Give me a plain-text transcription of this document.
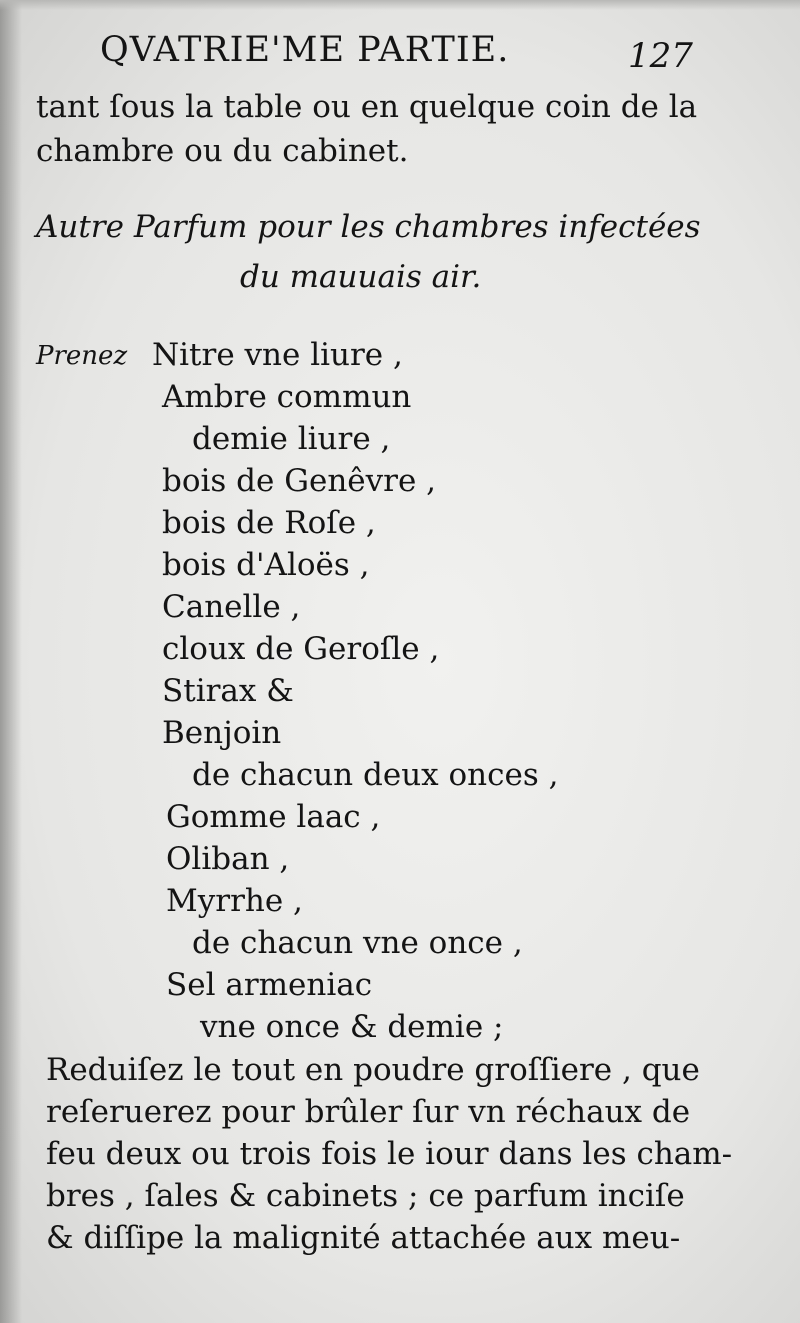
QVATRIE'ME PARTIE.	127
tant ſous la table ou en quelque coin de la
chambre ou du cabinet.
Autre Parfum pour les chambres infectées
du mauuais air.
Prenez Nitre vne liure ,
Ambre commun
demie liure ,
bois de Genêvre ,
bois de Roſe ,
bois d'Aloës ,
Canelle ,
cloux de Geroſle ,
Stirax &
Benjoin
de chacun deux onces ,
Gomme laac ,
Oliban ,
Myrrhe ,
de chacun vne once ,
Sel armeniac
vne once & demie ;
Reduiſez le tout en poudre groſſiere , que
reſeruerez pour brûler ſur vn réchaux de
feu deux ou trois fois le iour dans les cham-
bres , ſales & cabinets ; ce parfum inciſe
& diſſipe la malignité attachée aux meu-
